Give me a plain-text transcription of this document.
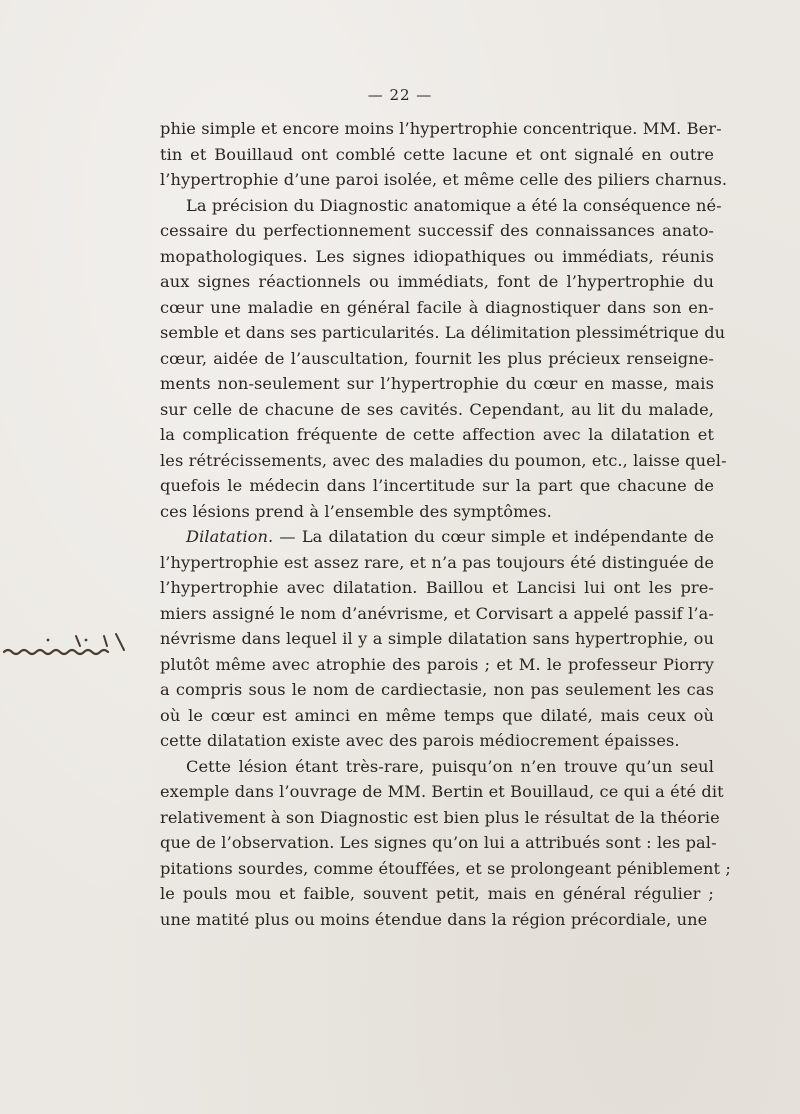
— 22 —
phie simple et encore moins l’hypertrophie concentrique. MM. Ber-
tin et Bouillaud ont comblé cette lacune et ont signalé en outre
l’hypertrophie d’une paroi isolée, et même celle des piliers charnus.
La précision du Diagnostic anatomique a été la conséquence né-
cessaire du perfectionnement successif des connaissances anato-
mopathologiques. Les signes idiopathiques ou immédiats, réunis
aux signes réactionnels ou immédiats, font de l’hypertrophie du
cœur une maladie en général facile à diagnostiquer dans son en-
semble et dans ses particularités. La délimitation plessimétrique du
cœur, aidée de l’auscultation, fournit les plus précieux renseigne-
ments non-seulement sur l’hypertrophie du cœur en masse, mais
sur celle de chacune de ses cavités. Cependant, au lit du malade,
la complication fréquente de cette affection avec la dilatation et
les rétrécissements, avec des maladies du poumon, etc., laisse quel-
quefois le médecin dans l’incertitude sur la part que chacune de
ces lésions prend à l’ensemble des symptômes.
Dilatation. — La dilatation du cœur simple et indépendante de
l’hypertrophie est assez rare, et n’a pas toujours été distinguée de
l’hypertrophie avec dilatation. Baillou et Lancisi lui ont les pre-
miers assigné le nom d’anévrisme, et Corvisart a appelé passif l’a-
névrisme dans lequel il y a simple dilatation sans hypertrophie, ou
plutôt même avec atrophie des parois ; et M. le professeur Piorry
a compris sous le nom de cardiectasie, non pas seulement les cas
où le cœur est aminci en même temps que dilaté, mais ceux où
cette dilatation existe avec des parois médiocrement épaisses.
Cette lésion étant très-rare, puisqu’on n’en trouve qu’un seul
exemple dans l’ouvrage de MM. Bertin et Bouillaud, ce qui a été dit
relativement à son Diagnostic est bien plus le résultat de la théorie
que de l’observation. Les signes qu’on lui a attribués sont : les pal-
pitations sourdes, comme étouffées, et se prolongeant péniblement ;
le pouls mou et faible, souvent petit, mais en général régulier ;
une matité plus ou moins étendue dans la région précordiale, une
